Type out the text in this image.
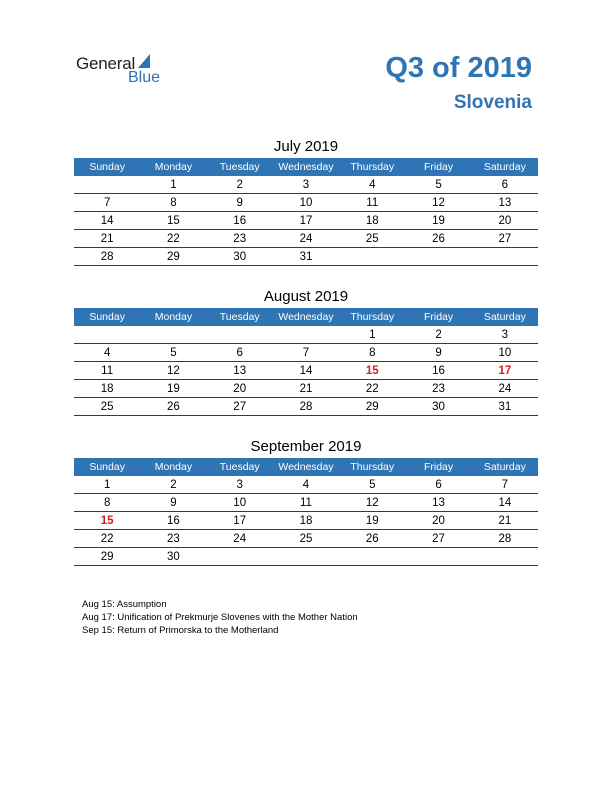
General
Blue	Q3 of 2019
Slovenia
July 2019
Sunday	Monday	Tuesday	Wednesday	Thursday	Friday	Saturday
	1	2	3	4	5	6
7	8	9	10	11	12	13
14	15	16	17	18	19	20
21	22	23	24	25	26	27
28	29	30	31			
August 2019
Sunday	Monday	Tuesday	Wednesday	Thursday	Friday	Saturday
				1	2	3
4	5	6	7	8	9	10
11	12	13	14	15	16	17
18	19	20	21	22	23	24
25	26	27	28	29	30	31
September 2019
Sunday	Monday	Tuesday	Wednesday	Thursday	Friday	Saturday
1	2	3	4	5	6	7
8	9	10	11	12	13	14
15	16	17	18	19	20	21
22	23	24	25	26	27	28
29	30					
Aug 15: Assumption
Aug 17: Unification of Prekmurje Slovenes with the Mother Nation
Sep 15: Return of Primorska to the Motherland
